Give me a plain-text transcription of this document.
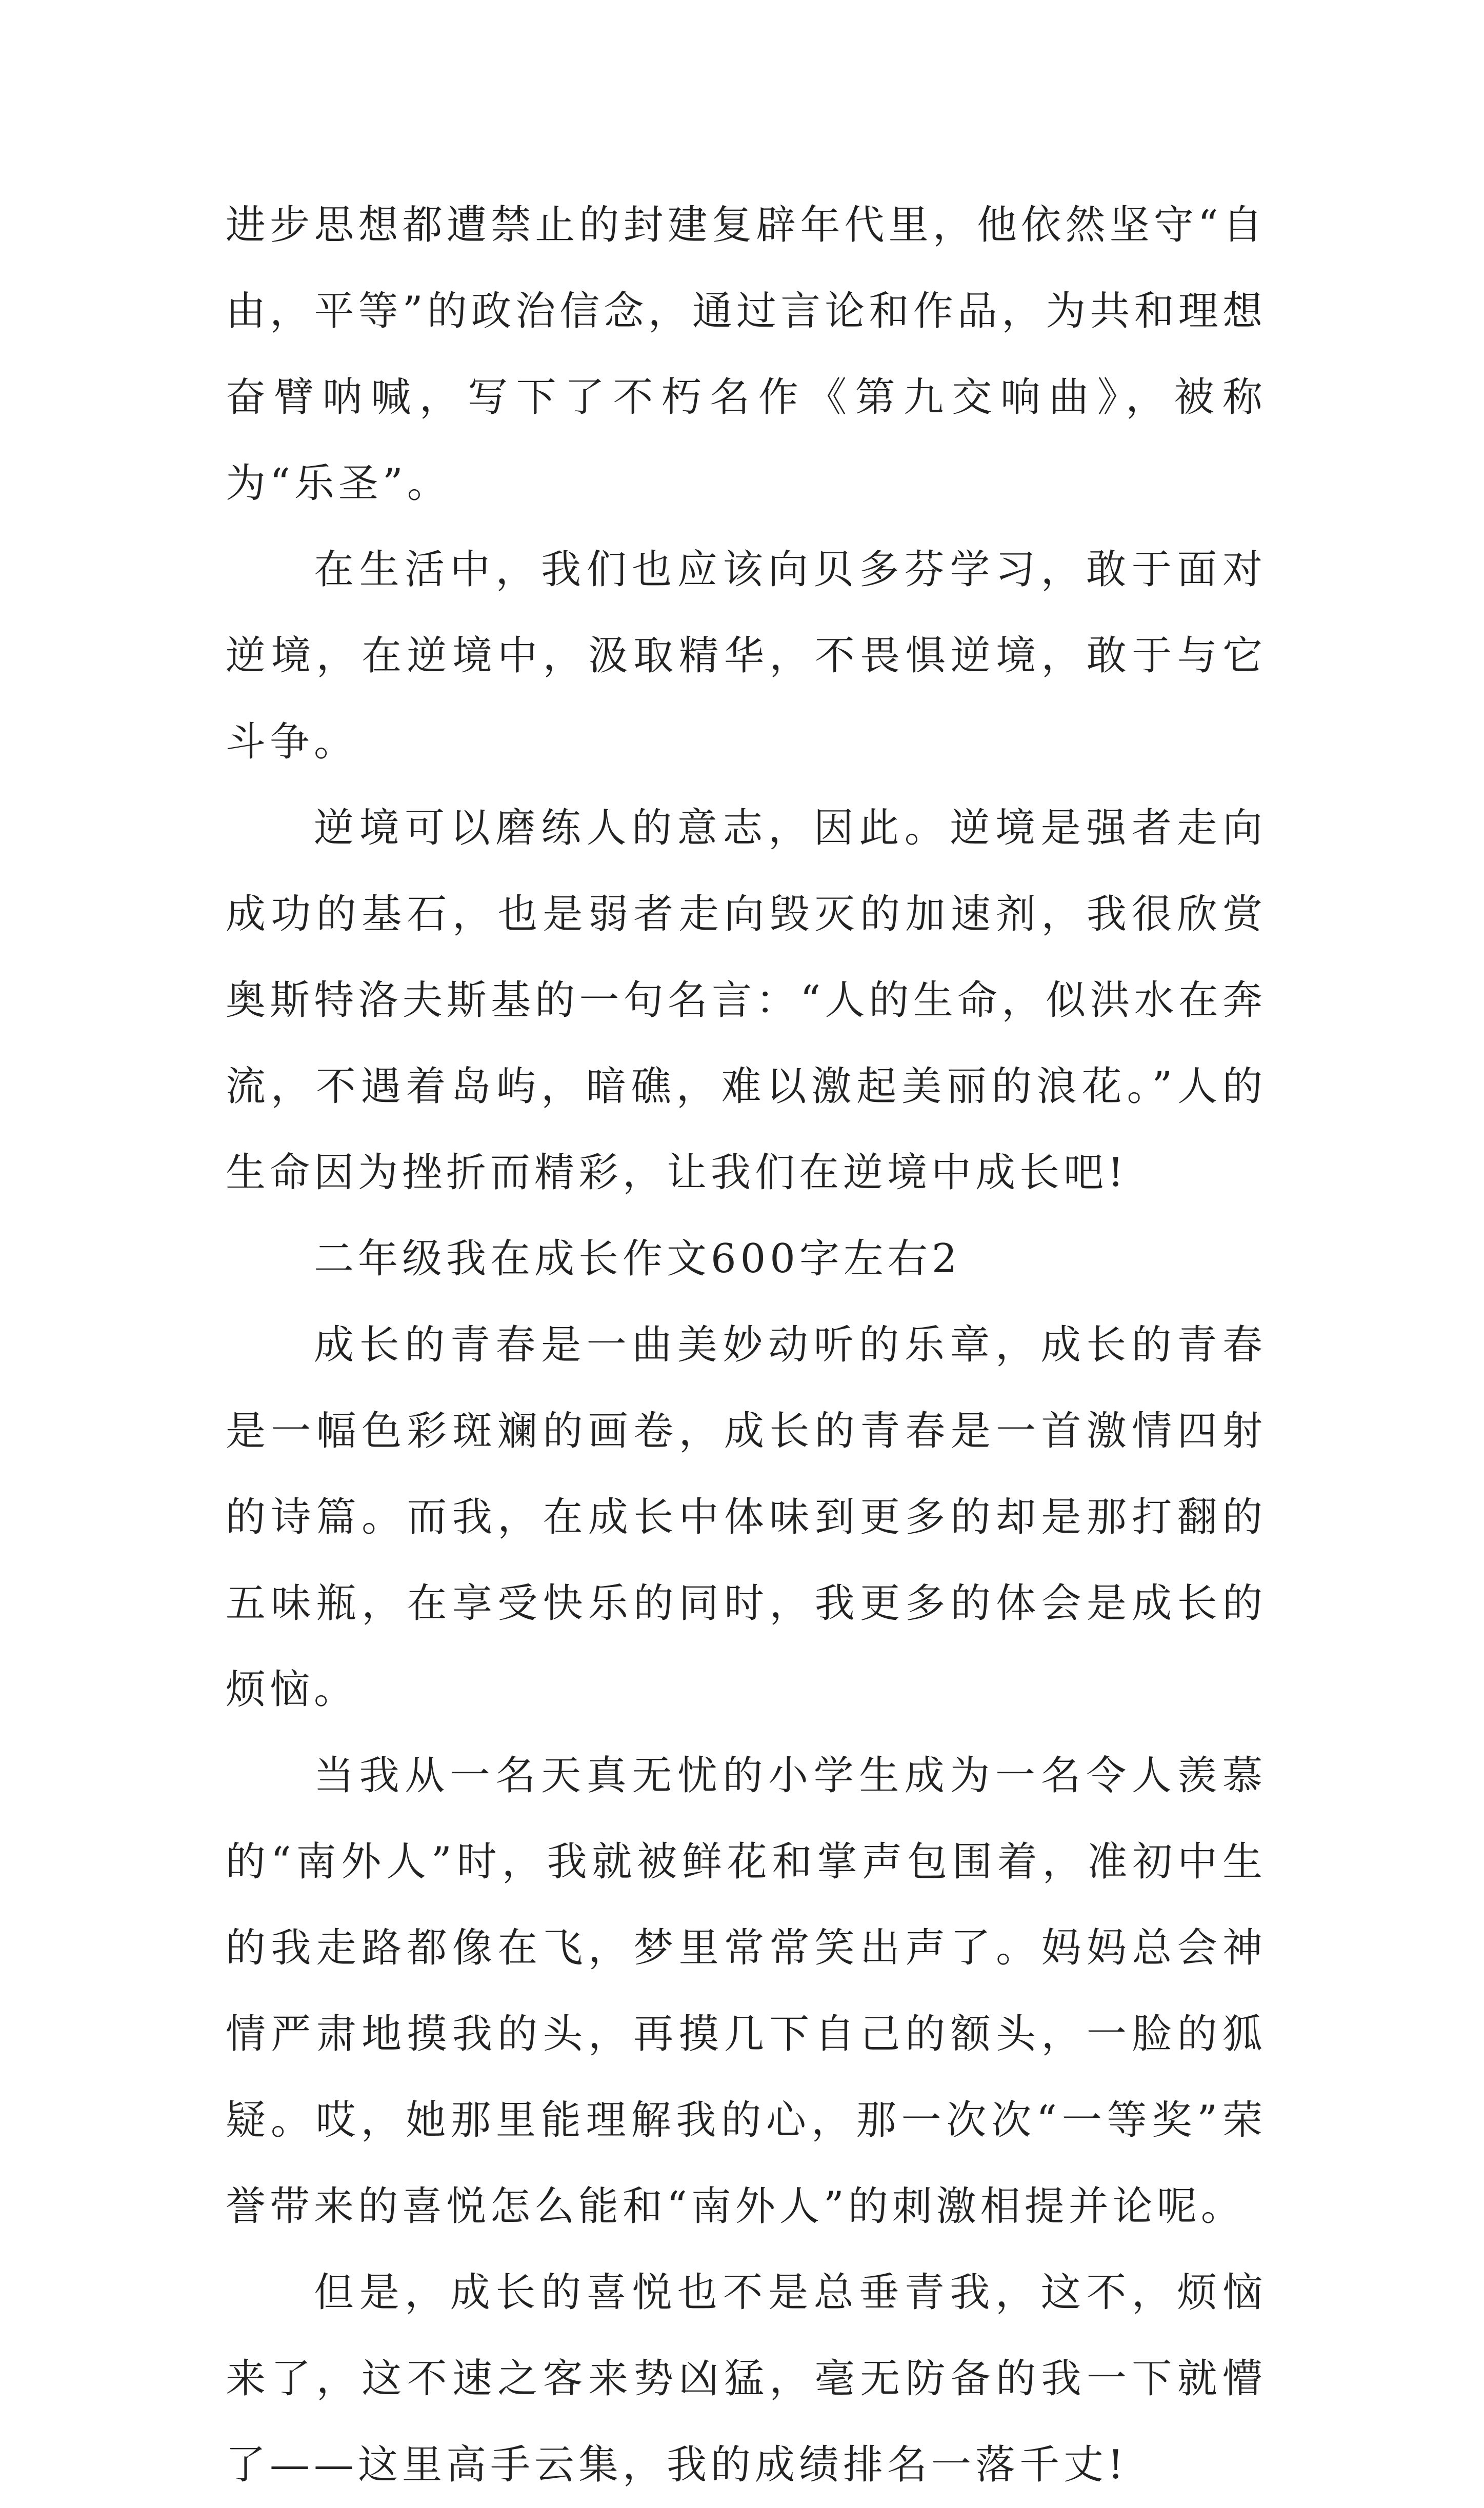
进步思想都遭禁止的封建复辟年代里，他依然坚守“自由，平等”的政治信念，通过言论和作品，为共和理想奋臂呐喊，写下了不朽名作《第九交响曲》，被称为“乐圣”。

在生活中，我们也应该向贝多芬学习，敢于面对逆境，在逆境中，汲取精华，不畏惧逆境，敢于与它斗争。

逆境可以磨练人的意志，因此。逆境是强者走向成功的基石，也是弱者走向毁灭的加速剂，我很欣赏奥斯特洛夫斯基的一句名言：“人的生命，似洪水在奔流，不遇着岛屿，暗礁，难以激起美丽的浪花。”人的生命因为挫折而精彩，让我们在逆境中成长吧!

二年级我在成长作文600字左右2

成长的青春是一曲美妙动听的乐章，成长的青春是一幅色彩斑斓的画卷，成长的青春是一首激情四射的诗篇。而我，在成长中体味到更多的却是那打翻的五味瓶，在享受快乐的同时，我更多的体会是成长的烦恼。

当我从一名天真无忧的小学生成为一名令人羡慕的“南外人”时，我就被鲜花和掌声包围着，准初中生的我走路都像在飞，梦里常常笑出声了。妈妈总会神情严肃地摸我的头，再摸几下自己的额头，一脸的狐疑。哎，她那里能理解我的心，那一次次“一等奖”荣誉带来的喜悦怎么能和“南外人”的刺激相提并论呢。

但是，成长的喜悦也不是总垂青我，这不，烦恼来了，这不速之客来势凶猛，毫无防备的我一下就懵了——这里高手云集，我的成绩排名一落千丈!
